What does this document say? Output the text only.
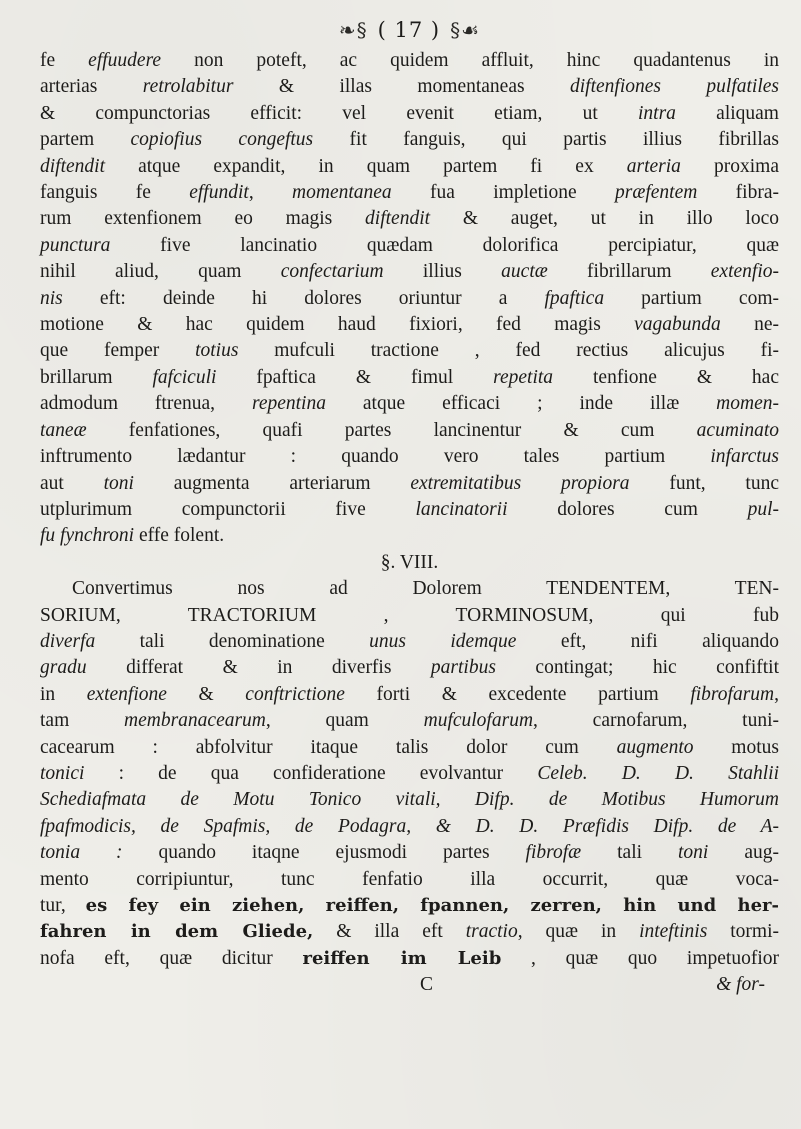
❧§ ( 17 ) §☙
fe effuudere non poteft, ac quidem affluit, hinc quadantenus in
arterias retrolabitur & illas momentaneas diftenfiones pulfatiles
& compunctorias efficit: vel evenit etiam, ut intra aliquam
partem copiofius congeftus fit fanguis, qui partis illius fibrillas
diftendit atque expandit, in quam partem fi ex arteria proxima
fanguis fe effundit, momentanea fua impletione præfentem fibra-
rum extenfionem eo magis diftendit & auget, ut in illo loco
punctura five lancinatio quædam dolorifica percipiatur, quæ
nihil aliud, quam confectarium illius auctæ fibrillarum extenfio-
nis eft: deinde hi dolores oriuntur a fpaftica partium com-
motione & hac quidem haud fixiori, fed magis vagabunda ne-
que femper totius mufculi tractione , fed rectius alicujus fi-
brillarum fafciculi fpaftica & fimul repetita tenfione & hac
admodum ftrenua, repentina atque efficaci ; inde illæ momen-
taneæ fenfationes, quafi partes lancinentur & cum acuminato
inftrumento lædantur : quando vero tales partium infarctus
aut toni augmenta arteriarum extremitatibus propiora funt, tunc
utplurimum compunctorii five lancinatorii dolores cum pul-
fu fynchroni effe folent.
§. VIII.
Convertimus nos ad Dolorem TENDENTEM, TEN-
SORIUM, TRACTORIUM , TORMINOSUM, qui fub
diverfa tali denominatione unus idemque eft, nifi aliquando
gradu differat & in diverfis partibus contingat; hic confiftit
in extenfione & conftrictione forti & excedente partium fibrofarum,
tam membranacearum, quam mufculofarum, carnofarum, tuni-
cacearum : abfolvitur itaque talis dolor cum augmento motus
tonici : de qua confideratione evolvantur Celeb. D. D. Stahlii
Schediafmata de Motu Tonico vitali, Difp. de Motibus Humorum
fpafmodicis, de Spafmis, de Podagra, & D. D. Præfidis Difp. de A-
tonia : quando itaqne ejusmodi partes fibrofæ tali toni aug-
mento corripiuntur, tunc fenfatio illa occurrit, quæ voca-
tur, es fey ein ziehen, reiffen, fpannen, zerren, hin und her-
fahren in dem Gliede, & illa eft tractio, quæ in inteftinis tormi-
nofa eft, quæ dicitur reiffen im Leib , quæ quo impetuofior
C	& for-
